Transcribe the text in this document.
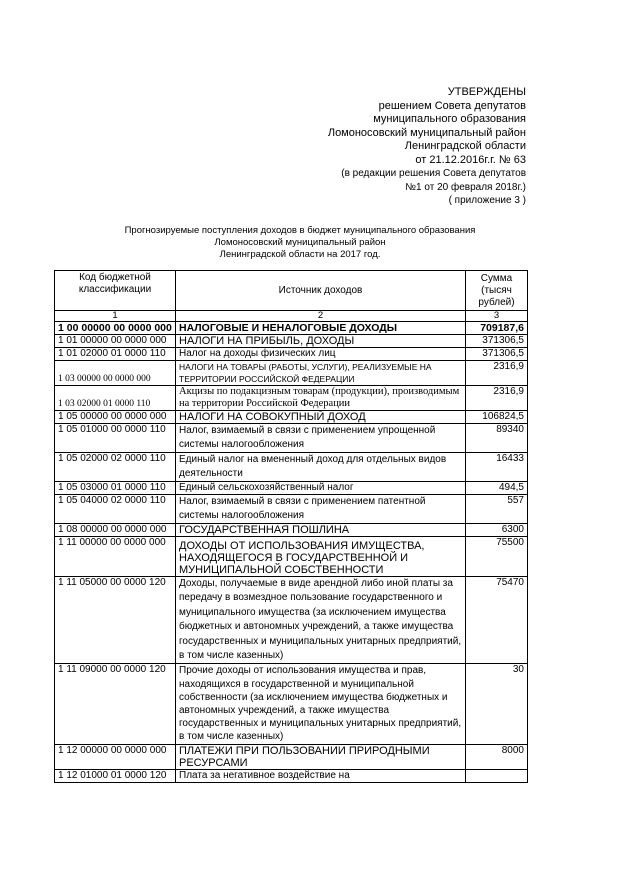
УТВЕРЖДЕНЫ
решением Совета депутатов
муниципального образования
Ломоносовский муниципальный район
Ленинградской области
от 21.12.2016г.г. № 63
(в редакции решения Совета депутатов
№1 от 20 февраля 2018г.)
( приложение 3 )
Прогнозируемые поступления доходов в бюджет муниципального образования
Ломоносовский муниципальный район
Ленинградской области на 2017 год.
Код бюджетной классификации	Источник доходов	Сумма (тысяч рублей)
1	2	3
1 00 00000 00 0000 000	НАЛОГОВЫЕ И НЕНАЛОГОВЫЕ ДОХОДЫ	709187,6
1 01 00000 00 0000 000	НАЛОГИ НА ПРИБЫЛЬ, ДОХОДЫ	371306,5
1 01 02000 01 0000 110	Налог на доходы физических лиц	371306,5
1 03 00000 00 0000 000	НАЛОГИ НА ТОВАРЫ (РАБОТЫ, УСЛУГИ), РЕАЛИЗУЕМЫЕ НА ТЕРРИТОРИИ РОССИЙСКОЙ ФЕДЕРАЦИИ	2316,9
1 03 02000 01 0000 110	Акцизы по подакцизным товарам (продукции), производимым на территории Российской Федерации	2316,9
1 05 00000 00 0000 000	НАЛОГИ НА СОВОКУПНЫЙ ДОХОД	106824,5
1 05 01000 00 0000 110	Налог, взимаемый в связи с применением упрощенной системы налогообложения	89340
1 05 02000 02 0000 110	Единый налог на вмененный доход для отдельных видов деятельности	16433
1 05 03000 01 0000 110	Единый сельскохозяйственный налог	494,5
1 05 04000 02 0000 110	Налог, взимаемый в связи с применением патентной системы налогообложения	557
1 08 00000 00 0000 000	ГОСУДАРСТВЕННАЯ ПОШЛИНА	6300
1 11 00000 00 0000 000	ДОХОДЫ ОТ ИСПОЛЬЗОВАНИЯ ИМУЩЕСТВА, НАХОДЯЩЕГОСЯ В ГОСУДАРСТВЕННОЙ И МУНИЦИПАЛЬНОЙ СОБСТВЕННОСТИ	75500
1 11 05000 00 0000 120	Доходы, получаемые в виде арендной либо иной платы за передачу в возмездное пользование государственного и муниципального имущества (за исключением имущества бюджетных и автономных учреждений, а также имущества государственных и муниципальных унитарных предприятий, в том числе казенных)	75470
1 11 09000 00 0000 120	Прочие доходы от использования имущества и прав, находящихся в государственной и муниципальной собственности (за исключением имущества бюджетных и автономных учреждений, а также имущества государственных и муниципальных унитарных предприятий, в том числе казенных)	30
1 12 00000 00 0000 000	ПЛАТЕЖИ ПРИ ПОЛЬЗОВАНИИ ПРИРОДНЫМИ РЕСУРСАМИ	8000
1 12 01000 01 0000 120	Плата за негативное воздействие на	
